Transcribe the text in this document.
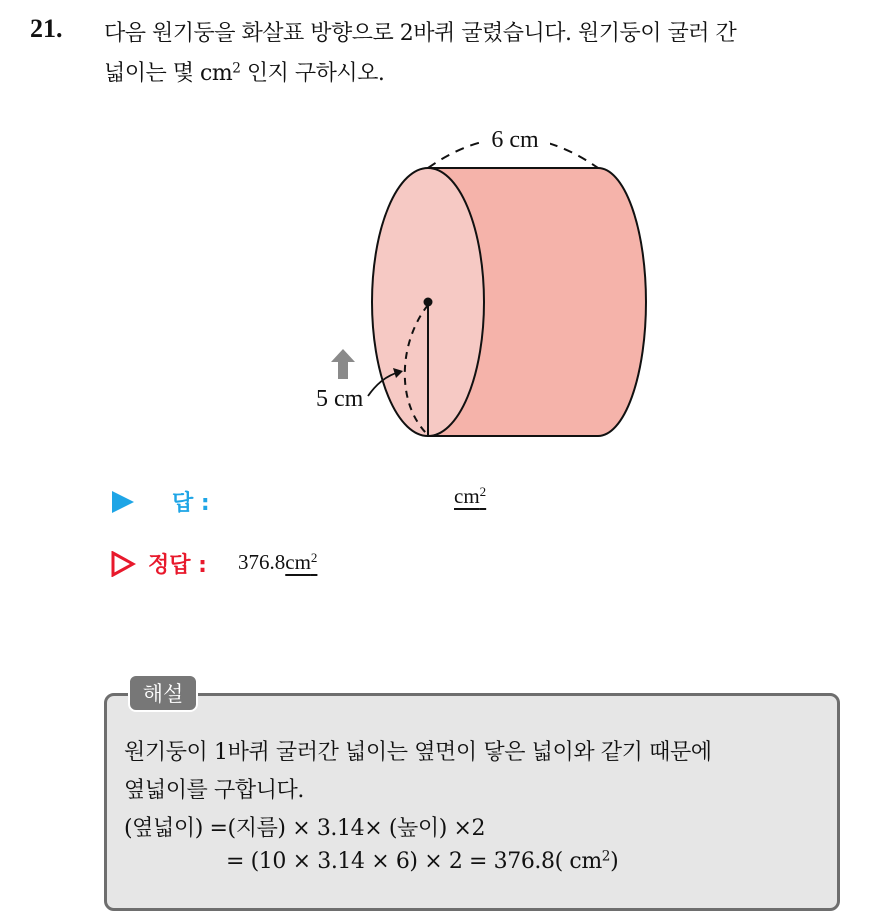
21. 다음 원기둥을 화살표 방향으로 2바퀴 굴렸습니다. 원기둥이 굴러 간
넓이는 몇 $cm^2$ 인지 구하시오.
6 cm
5 cm
답 :	$cm^2$
정답 : $376.8cm^2$
해설
원기둥이 1바퀴 굴러간 넓이는 옆면이 닿은 넓이와 같기 때문에
옆넓이를 구합니다.
(옆넓이) =(지름) × 3.14× (높이) ×2
= (10 × 3.14 × 6) × 2 = 376.8( $cm^2$)
